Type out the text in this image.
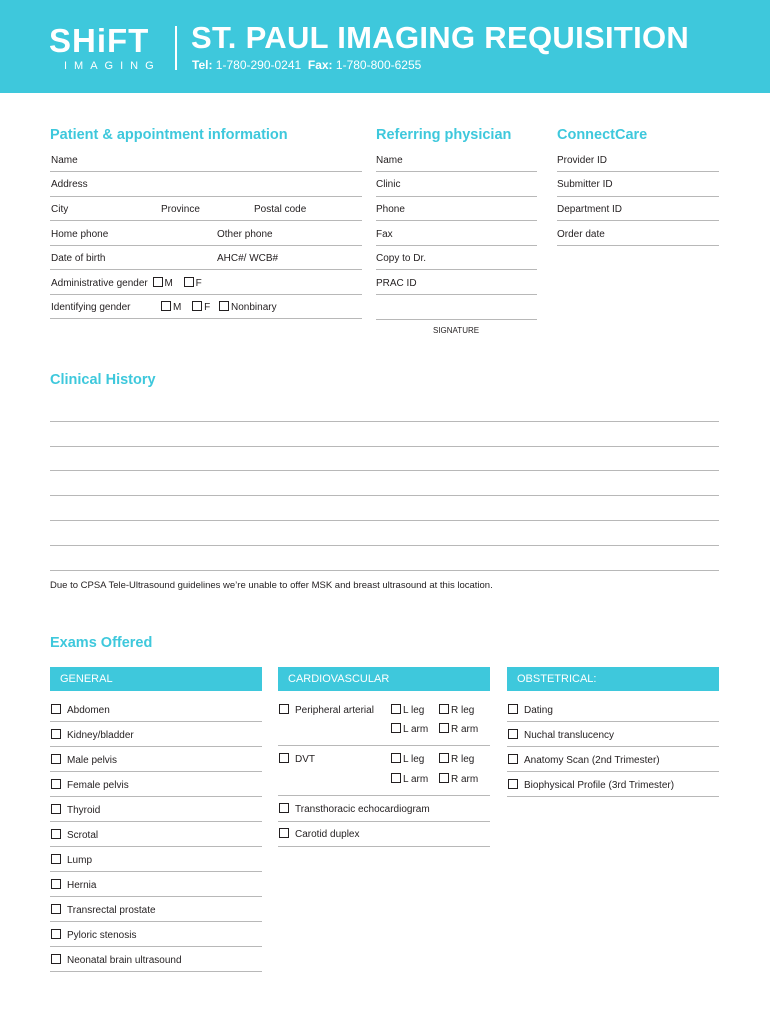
SHiFT
IMAGING
ST. PAUL IMAGING REQUISITION
Tel: 1-780-290-0241 Fax: 1-780-800-6255
Patient & appointment information
Name
Address
City	Province	Postal code
Home phone	Other phone
Date of birth	AHC#/ WCB#
Administrative gender M F
Identifying gender	M F Nonbinary
Referring physician
Name
Clinic
Phone
Fax
Copy to Dr.
PRAC ID
SIGNATURE
ConnectCare
Provider ID
Submitter ID
Department ID
Order date
Clinical History
Due to CPSA Tele-Ultrasound guidelines we’re unable to offer MSK and breast ultrasound at this location.
Exams Offered
GENERAL	CARDIOVASCULAR	OBSTETRICAL:
Abdomen
Kidney/bladder
Male pelvis
Female pelvis
Thyroid
Scrotal
Lump
Hernia
Transrectal prostate
Pyloric stenosis
Neonatal brain ultrasound
Peripheral arterial	L leg	R leg
L arm	R arm
DVT	L leg	R leg
L arm	R arm
Transthoracic echocardiogram
Carotid duplex
Dating
Nuchal translucency
Anatomy Scan (2nd Trimester)
Biophysical Profile (3rd Trimester)
